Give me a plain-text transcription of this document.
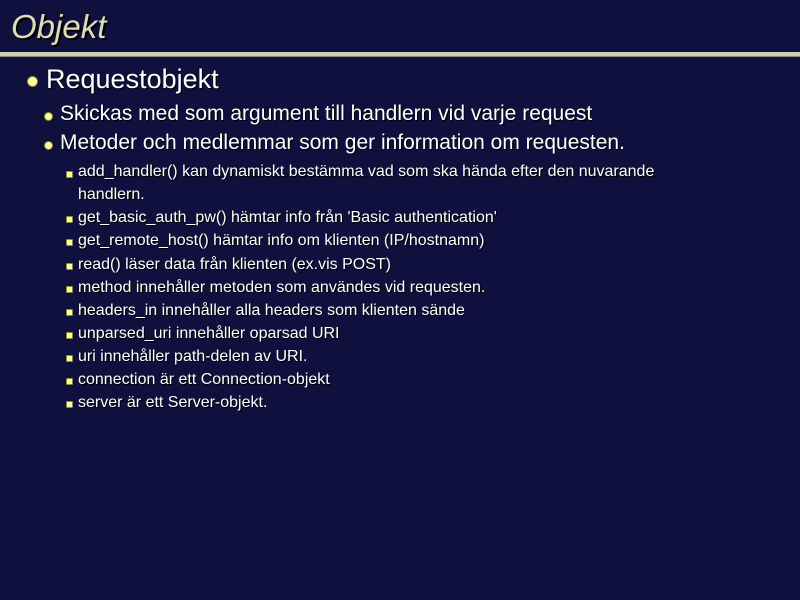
Objekt
Requestobjekt
Skickas med som argument till handlern vid varje request
Metoder och medlemmar som ger information om requesten.
add_handler() kan dynamiskt bestämma vad som ska hända efter den nuvarande
handlern.
get_basic_auth_pw() hämtar info från 'Basic authentication'
get_remote_host() hämtar info om klienten (IP/hostnamn)
read() läser data från klienten (ex.vis POST)
method innehåller metoden som användes vid requesten.
headers_in innehåller alla headers som klienten sände
unparsed_uri innehåller oparsad URI
uri innehåller path-delen av URI.
connection är ett Connection-objekt
server är ett Server-objekt.
